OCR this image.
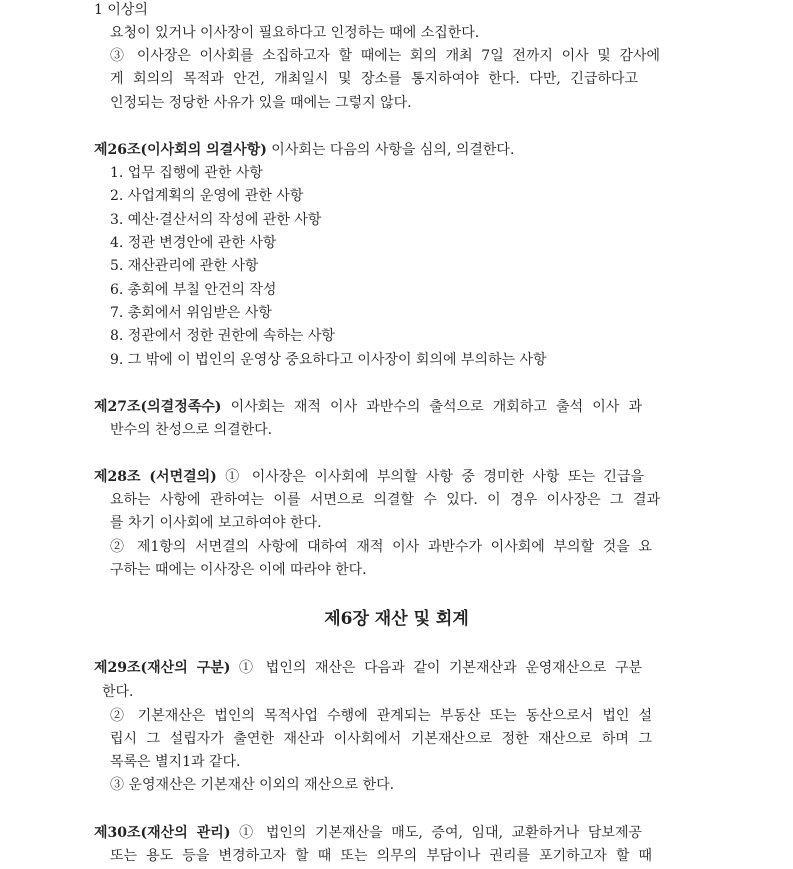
1 이상의
요청이 있거나 이사장이 필요하다고 인정하는 때에 소집한다.
③ 이사장은 이사회를 소집하고자 할 때에는 회의 개최 7일 전까지 이사 및 감사에
게 회의의 목적과 안건, 개최일시 및 장소를 통지하여야 한다. 다만, 긴급하다고
인정되는 정당한 사유가 있을 때에는 그렇지 않다.
제26조(이사회의 의결사항) 이사회는 다음의 사항을 심의, 의결한다.
1. 업무 집행에 관한 사항
2. 사업계획의 운영에 관한 사항
3. 예산·결산서의 작성에 관한 사항
4. 정관 변경안에 관한 사항
5. 재산관리에 관한 사항
6. 총회에 부칠 안건의 작성
7. 총회에서 위임받은 사항
8. 정관에서 정한 권한에 속하는 사항
9. 그 밖에 이 법인의 운영상 중요하다고 이사장이 회의에 부의하는 사항
제27조(의결정족수) 이사회는 재적 이사 과반수의 출석으로 개회하고 출석 이사 과
반수의 찬성으로 의결한다.
제28조 (서면결의) ① 이사장은 이사회에 부의할 사항 중 경미한 사항 또는 긴급을
요하는 사항에 관하여는 이를 서면으로 의결할 수 있다. 이 경우 이사장은 그 결과
를 차기 이사회에 보고하여야 한다.
② 제1항의 서면결의 사항에 대하여 재적 이사 과반수가 이사회에 부의할 것을 요
구하는 때에는 이사장은 이에 따라야 한다.
제6장 재산 및 회계
제29조(재산의 구분) ① 법인의 재산은 다음과 같이 기본재산과 운영재산으로 구분
한다.
② 기본재산은 법인의 목적사업 수행에 관계되는 부동산 또는 동산으로서 법인 설
립시 그 설립자가 출연한 재산과 이사회에서 기본재산으로 정한 재산으로 하며 그
목록은 별지1과 같다.
③ 운영재산은 기본재산 이외의 재산으로 한다.
제30조(재산의 관리) ① 법인의 기본재산을 매도, 증여, 임대, 교환하거나 담보제공
또는 용도 등을 변경하고자 할 때 또는 의무의 부담이나 권리를 포기하고자 할 때
